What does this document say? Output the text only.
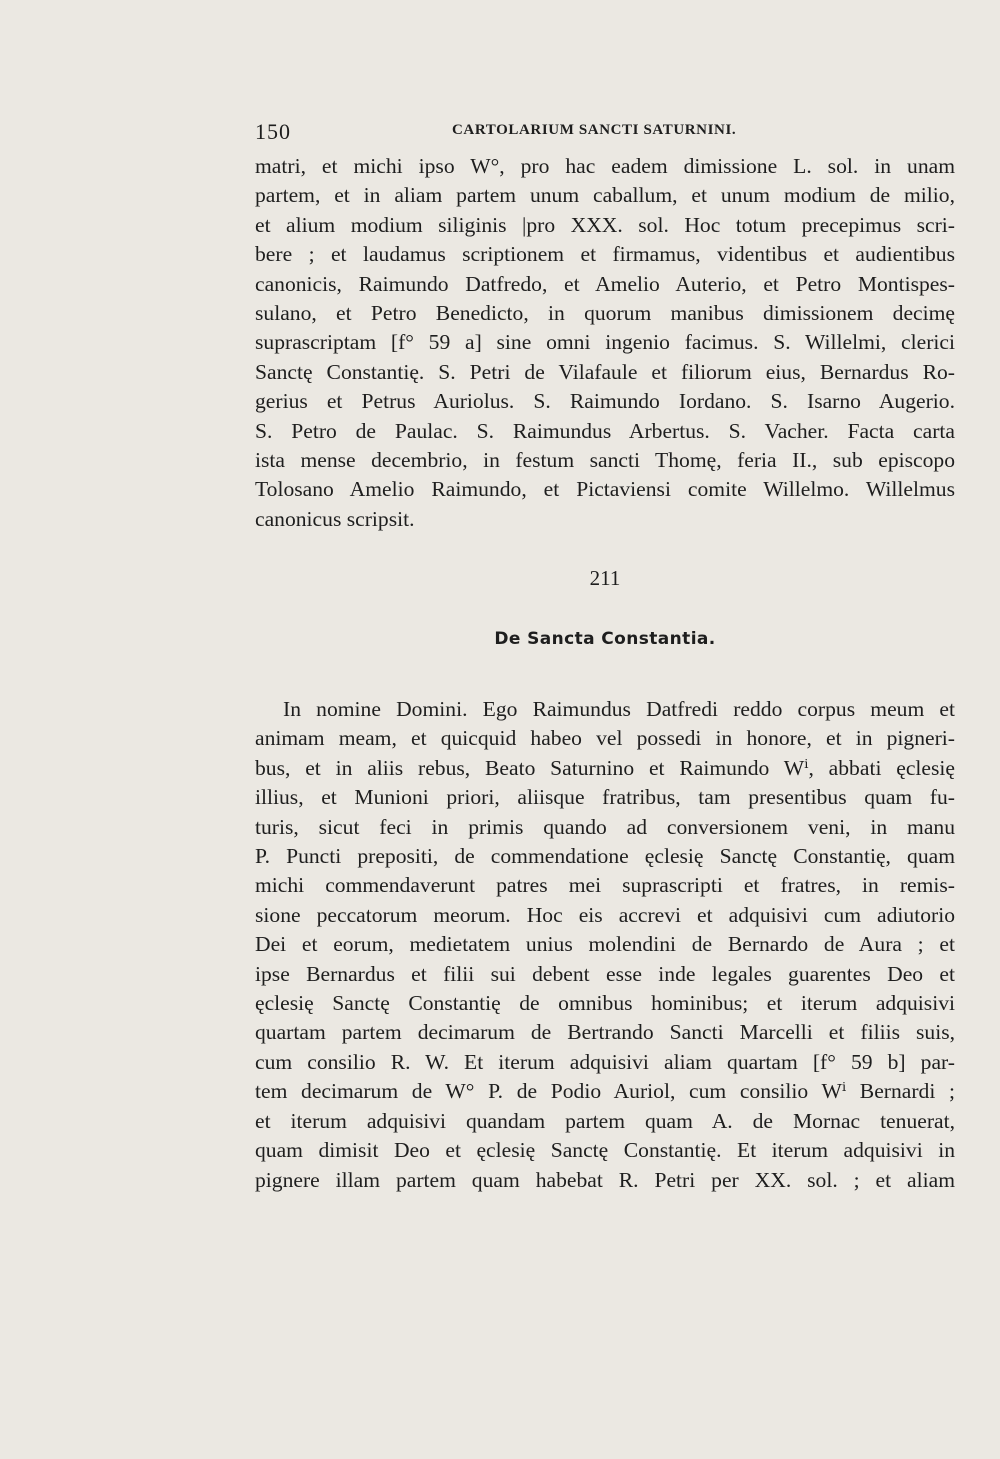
150	CARTOLARIUM SANCTI SATURNINI.
matri, et michi ipso W°, pro hac eadem dimissione L. sol. in unam
partem, et in aliam partem unum caballum, et unum modium de milio,
et alium modium siliginis |pro XXX. sol. Hoc totum precepimus scri-
bere ; et laudamus scriptionem et firmamus, videntibus et audientibus
canonicis, Raimundo Datfredo, et Amelio Auterio, et Petro Montispes-
sulano, et Petro Benedicto, in quorum manibus dimissionem decimę
suprascriptam [f° 59 a] sine omni ingenio facimus. S. Willelmi, clerici
Sanctę Constantię. S. Petri de Vilafaule et filiorum eius, Bernardus Ro-
gerius et Petrus Auriolus. S. Raimundo Iordano. S. Isarno Augerio.
S. Petro de Paulac. S. Raimundus Arbertus. S. Vacher. Facta carta
ista mense decembrio, in festum sancti Thomę, feria II., sub episcopo
Tolosano Amelio Raimundo, et Pictaviensi comite Willelmo. Willelmus
canonicus scripsit.
211
De Sancta Constantia.
In nomine Domini. Ego Raimundus Datfredi reddo corpus meum et
animam meam, et quicquid habeo vel possedi in honore, et in pigneri-
bus, et in aliis rebus, Beato Saturnino et Raimundo Wⁱ, abbati ęclesię
illius, et Munioni priori, aliisque fratribus, tam presentibus quam fu-
turis, sicut feci in primis quando ad conversionem veni, in manu
P. Puncti prepositi, de commendatione ęclesię Sanctę Constantię, quam
michi commendaverunt patres mei suprascripti et fratres, in remis-
sione peccatorum meorum. Hoc eis accrevi et adquisivi cum adiutorio
Dei et eorum, medietatem unius molendini de Bernardo de Aura ; et
ipse Bernardus et filii sui debent esse inde legales guarentes Deo et
ęclesię Sanctę Constantię de omnibus hominibus; et iterum adquisivi
quartam partem decimarum de Bertrando Sancti Marcelli et filiis suis,
cum consilio R. W. Et iterum adquisivi aliam quartam [f° 59 b] par-
tem decimarum de W° P. de Podio Auriol, cum consilio Wⁱ Bernardi ;
et iterum adquisivi quandam partem quam A. de Mornac tenuerat,
quam dimisit Deo et ęclesię Sanctę Constantię. Et iterum adquisivi in
pignere illam partem quam habebat R. Petri per XX. sol. ; et aliam
